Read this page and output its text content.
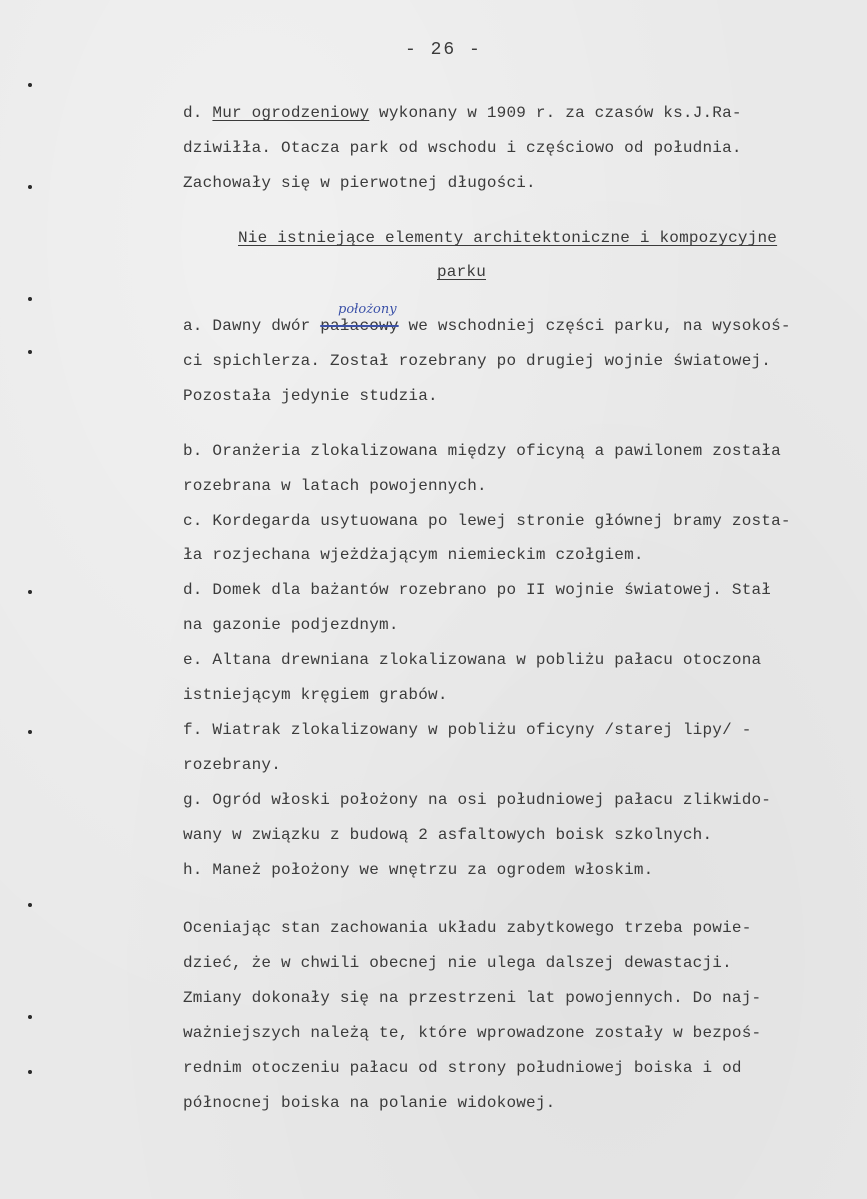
- 26 -
d. Mur ogrodzeniowy wykonany w 1909 r. za czasów ks.J.Ra-
dziwiłła. Otacza park od wschodu i częściowo od południa.
Zachowały się w pierwotnej długości.
Nie istniejące elementy architektoniczne i kompozycyjne
parku
położony
a. Dawny dwór pałacowy we wschodniej części parku, na wysokoś-
ci spichlerza. Został rozebrany po drugiej wojnie światowej.
Pozostała jedynie studzia.
b. Oranżeria zlokalizowana między oficyną a pawilonem została
rozebrana w latach powojennych.
c. Kordegarda usytuowana po lewej stronie głównej bramy zosta-
ła rozjechana wjeżdżającym niemieckim czołgiem.
d. Domek dla bażantów rozebrano po II wojnie światowej. Stał
na gazonie podjezdnym.
e. Altana drewniana zlokalizowana w pobliżu pałacu otoczona
istniejącym kręgiem grabów.
f. Wiatrak zlokalizowany w pobliżu oficyny /starej lipy/ -
rozebrany.
g. Ogród włoski położony na osi południowej pałacu zlikwido-
wany w związku z budową 2 asfaltowych boisk szkolnych.
h. Maneż położony we wnętrzu za ogrodem włoskim.
Oceniając stan zachowania układu zabytkowego trzeba powie-
dzieć, że w chwili obecnej nie ulega dalszej dewastacji.
Zmiany dokonały się na przestrzeni lat powojennych. Do naj-
ważniejszych należą te, które wprowadzone zostały w bezpoś-
rednim otoczeniu pałacu od strony południowej boiska i od
północnej boiska na polanie widokowej.
